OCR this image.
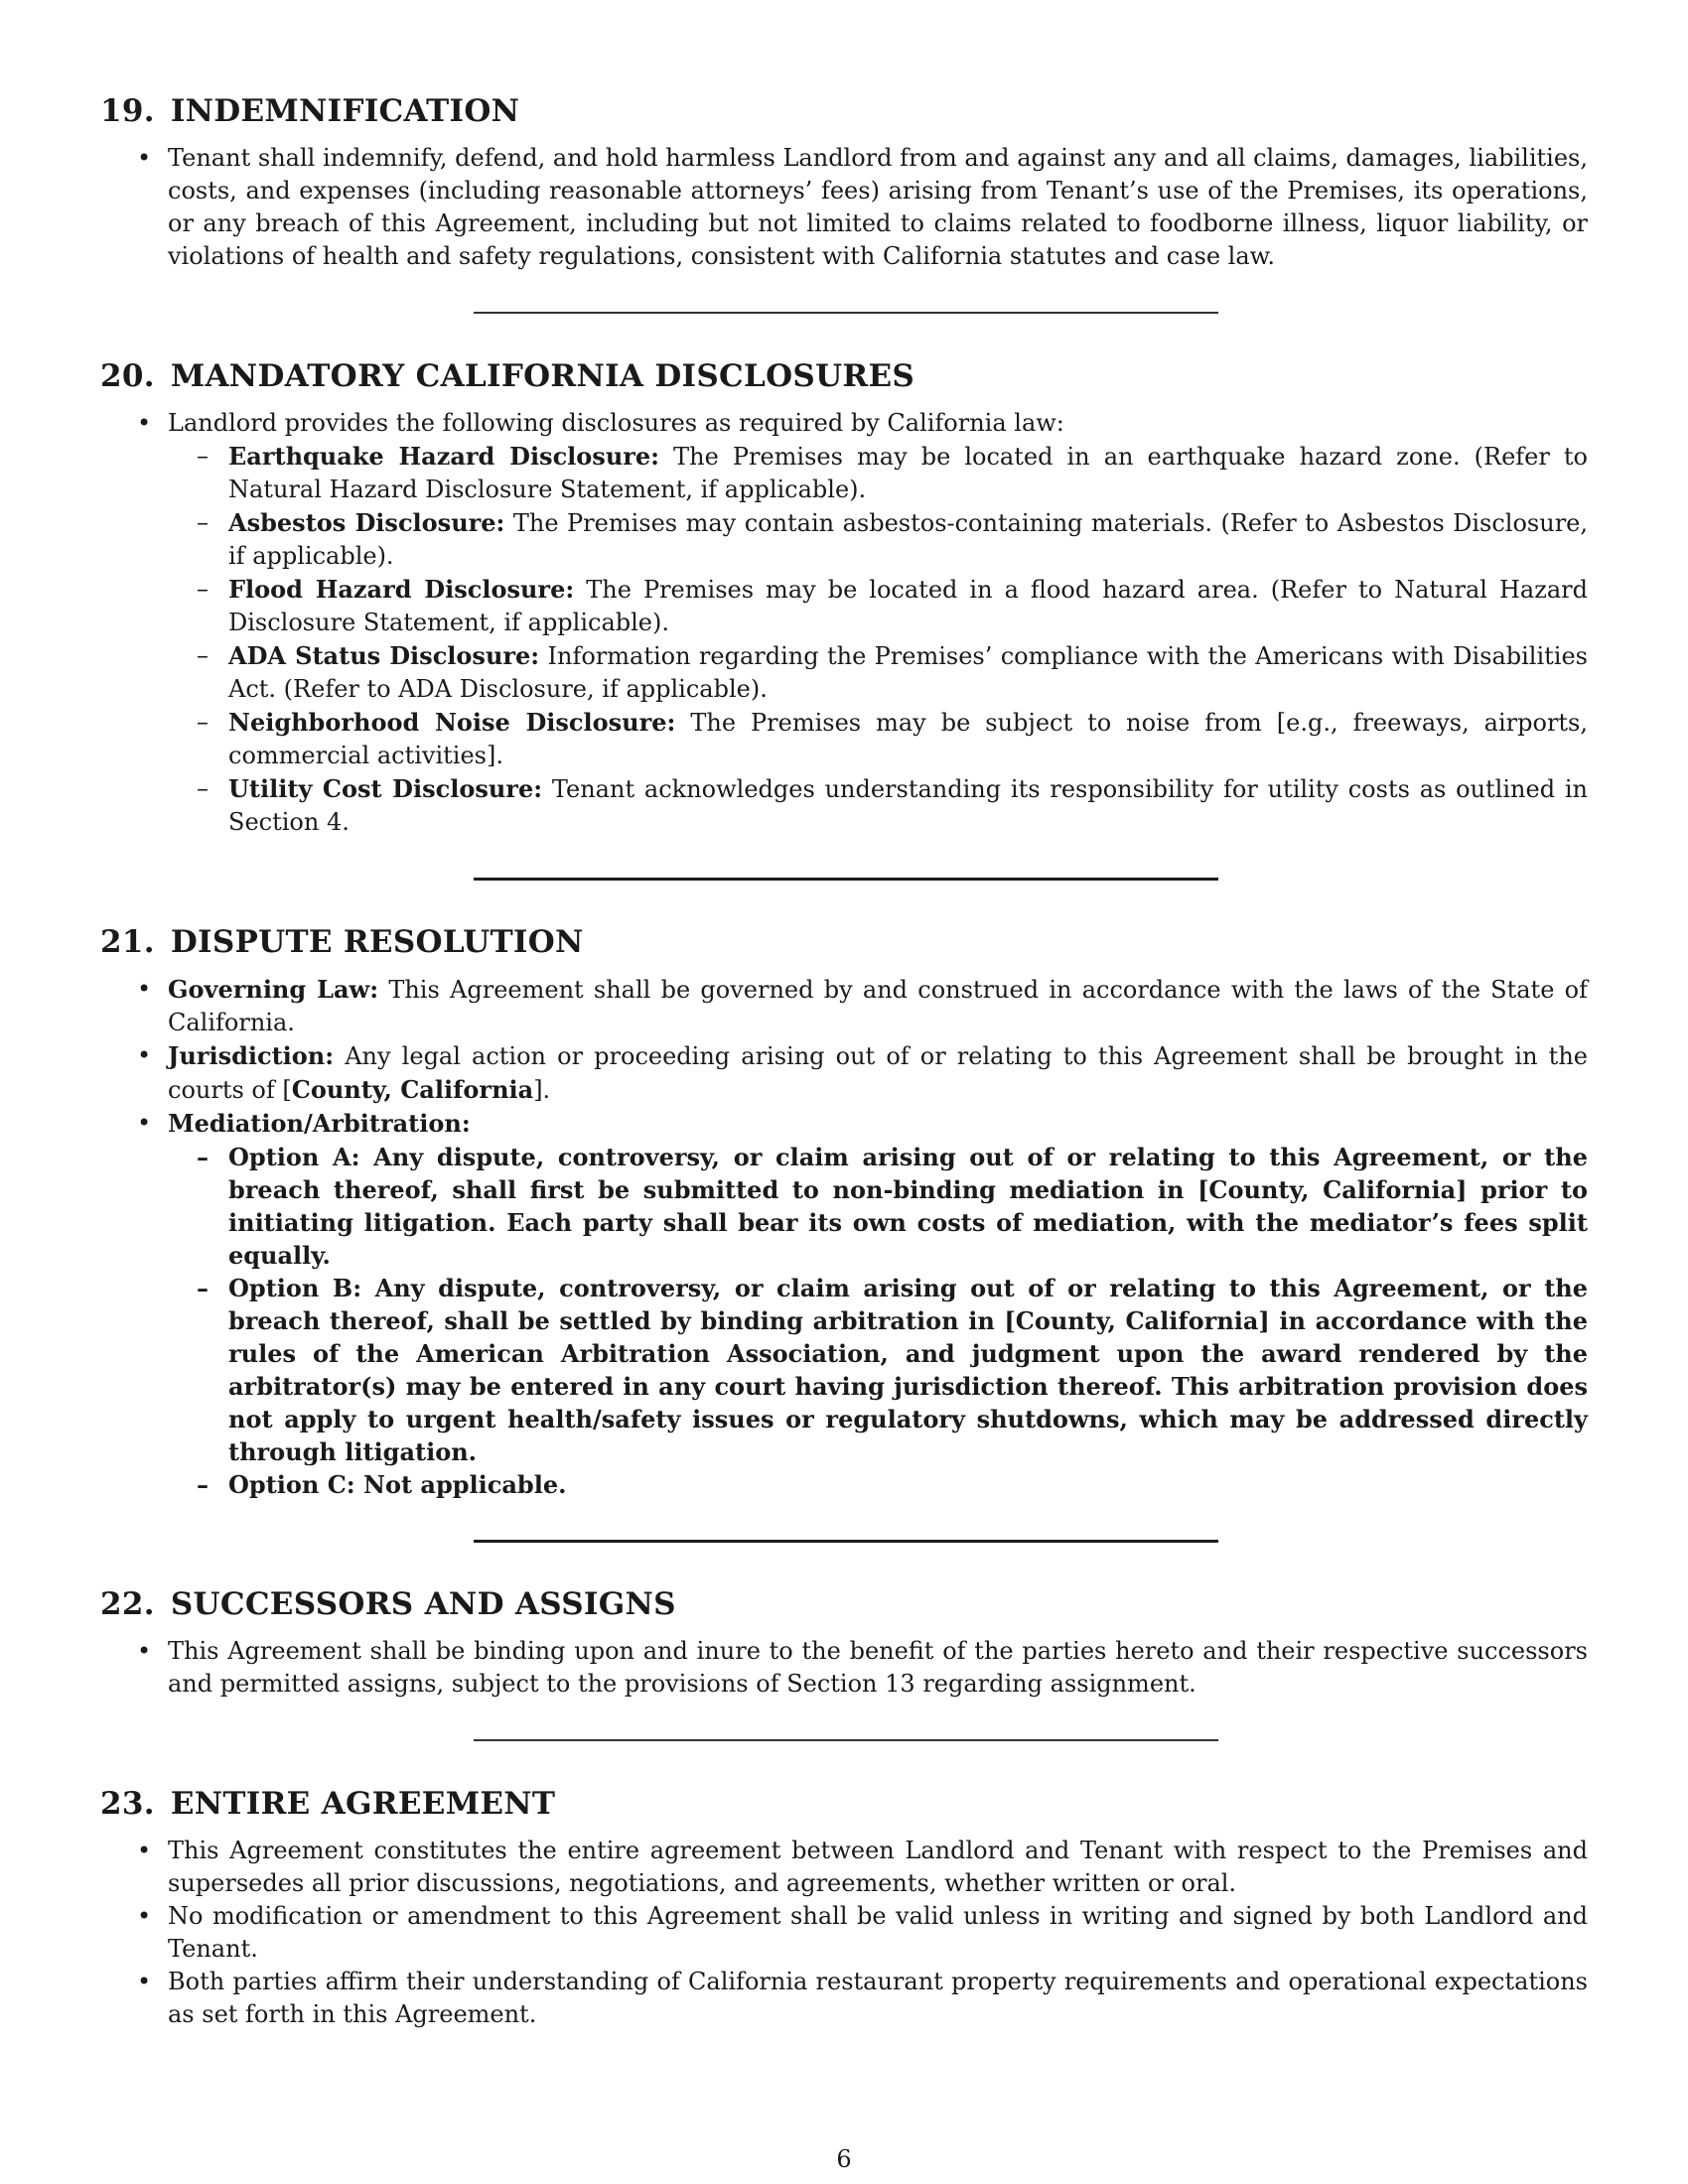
19. INDEMNIFICATION
• Tenant shall indemnify, defend, and hold harmless Landlord from and against any and all claims, damages, liabilities, costs, and expenses (including reasonable attorneys’ fees) arising from Tenant’s use of the Premises, its operations, or any breach of this Agreement, including but not limited to claims related to foodborne illness, liquor liability, or violations of health and safety regulations, consistent with California statutes and case law.
20. MANDATORY CALIFORNIA DISCLOSURES
• Landlord provides the following disclosures as required by California law:
– Earthquake Hazard Disclosure: The Premises may be located in an earthquake hazard zone. (Refer to Natural Hazard Disclosure Statement, if applicable).
– Asbestos Disclosure: The Premises may contain asbestos-containing materials. (Refer to Asbestos Disclosure, if applicable).
– Flood Hazard Disclosure: The Premises may be located in a flood hazard area. (Refer to Natural Hazard Disclosure Statement, if applicable).
– ADA Status Disclosure: Information regarding the Premises’ compliance with the Americans with Disabilities Act. (Refer to ADA Disclosure, if applicable).
– Neighborhood Noise Disclosure: The Premises may be subject to noise from [e.g., freeways, airports, commercial activities].
– Utility Cost Disclosure: Tenant acknowledges understanding its responsibility for utility costs as outlined in Section 4.
21. DISPUTE RESOLUTION
• Governing Law: This Agreement shall be governed by and construed in accordance with the laws of the State of California.
• Jurisdiction: Any legal action or proceeding arising out of or relating to this Agreement shall be brought in the courts of [County, California].
• Mediation/Arbitration:
– Option A: Any dispute, controversy, or claim arising out of or relating to this Agreement, or the breach thereof, shall first be submitted to non-binding mediation in [County, California] prior to initiating litigation. Each party shall bear its own costs of mediation, with the mediator’s fees split equally.
– Option B: Any dispute, controversy, or claim arising out of or relating to this Agreement, or the breach thereof, shall be settled by binding arbitration in [County, California] in accordance with the rules of the American Arbitration Association, and judgment upon the award rendered by the arbitrator(s) may be entered in any court having jurisdiction thereof. This arbitration provision does not apply to urgent health/safety issues or regulatory shutdowns, which may be addressed directly through litigation.
– Option C: Not applicable.
22. SUCCESSORS AND ASSIGNS
• This Agreement shall be binding upon and inure to the benefit of the parties hereto and their respective successors and permitted assigns, subject to the provisions of Section 13 regarding assignment.
23. ENTIRE AGREEMENT
• This Agreement constitutes the entire agreement between Landlord and Tenant with respect to the Premises and supersedes all prior discussions, negotiations, and agreements, whether written or oral.
• No modification or amendment to this Agreement shall be valid unless in writing and signed by both Landlord and Tenant.
• Both parties affirm their understanding of California restaurant property requirements and operational expectations as set forth in this Agreement.
6
